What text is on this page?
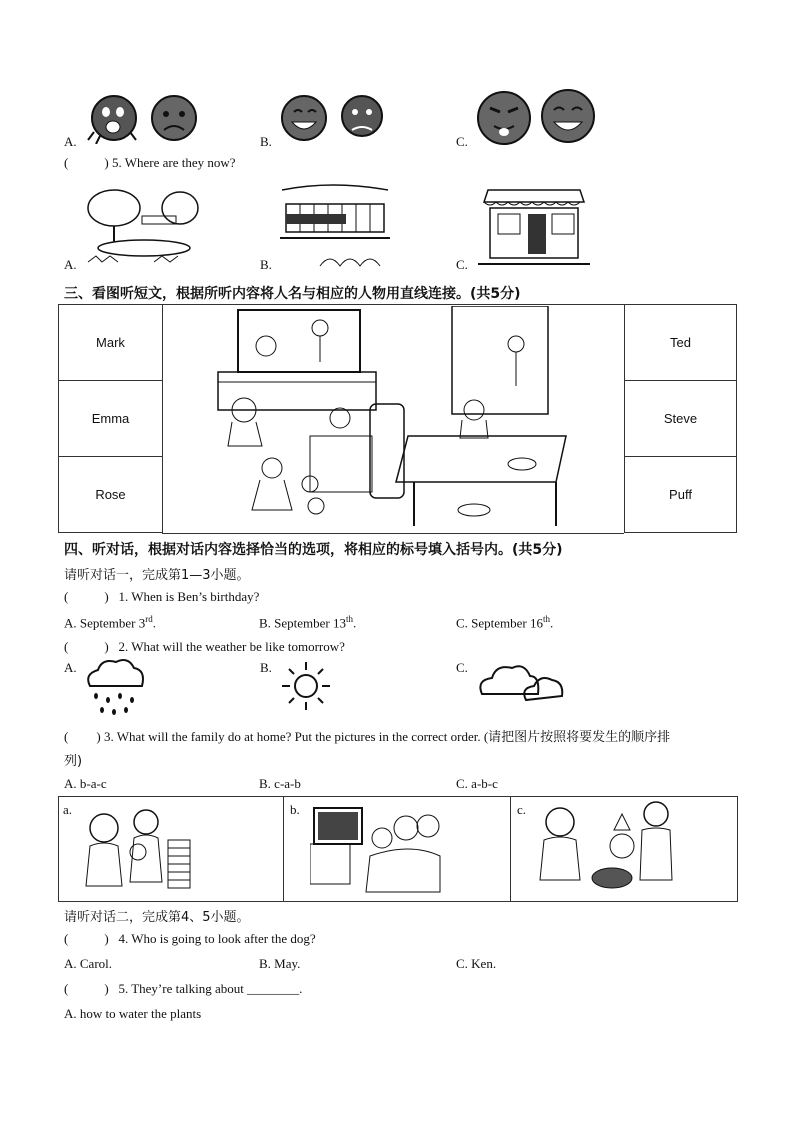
A.	B.	C.
(	) 5. Where are they now?
A.	B.	C.
三、看图听短文，根据所听内容将人名与相应的人物用直线连接。(共5分)
Mark
Emma
Rose
Ted
Steve
Puff
四、听对话，根据对话内容选择恰当的选项，将相应的标号填入括号内。(共5分)
请听对话一，完成第1—3小题。
(	) 1. When is Ben’s birthday?
A. September 3rd.	B. September 13th.	C. September 16th.
(	) 2. What will the weather be like tomorrow?
A.	B.	C.
( ) 3. What will the family do at home? Put the pictures in the correct order. (请把图片按照将要发生的顺序排
列)
A. b-a-c	B. c-a-b	C. a-b-c
a.	b.	c.
请听对话二，完成第4、5小题。
(	) 4. Who is going to look after the dog?
A. Carol.	B. May.	C. Ken.
(	) 5. They’re talking about ________.
A. how to water the plants
